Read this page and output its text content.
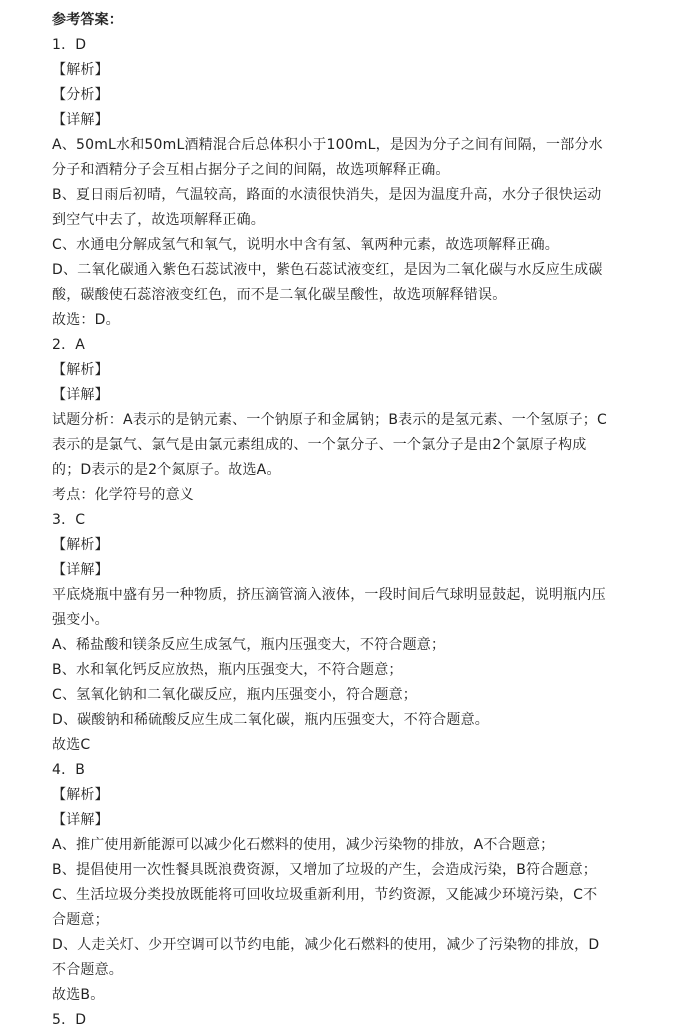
参考答案：
1．D
【解析】
【分析】
【详解】
A、50mL水和50mL酒精混合后总体积小于100mL，是因为分子之间有间隔，一部分水
分子和酒精分子会互相占据分子之间的间隔，故选项解释正确。
B、夏日雨后初晴，气温较高，路面的水渍很快消失，是因为温度升高，水分子很快运动
到空气中去了，故选项解释正确。
C、水通电分解成氢气和氧气，说明水中含有氢、氧两种元素，故选项解释正确。
D、二氧化碳通入紫色石蕊试液中，紫色石蕊试液变红，是因为二氧化碳与水反应生成碳
酸，碳酸使石蕊溶液变红色，而不是二氧化碳呈酸性，故选项解释错误。
故选：D。
2．A
【解析】
【详解】
试题分析：A表示的是钠元素、一个钠原子和金属钠；B表示的是氢元素、一个氢原子；C
表示的是氯气、氯气是由氯元素组成的、一个氯分子、一个氯分子是由2个氯原子构成
的；D表示的是2个氮原子。故选A。
考点：化学符号的意义
3．C
【解析】
【详解】
平底烧瓶中盛有另一种物质，挤压滴管滴入液体，一段时间后气球明显鼓起，说明瓶内压
强变小。
A、稀盐酸和镁条反应生成氢气，瓶内压强变大，不符合题意；
B、水和氧化钙反应放热，瓶内压强变大，不符合题意；
C、氢氧化钠和二氧化碳反应，瓶内压强变小，符合题意；
D、碳酸钠和稀硫酸反应生成二氧化碳，瓶内压强变大，不符合题意。
故选C
4．B
【解析】
【详解】
A、推广使用新能源可以减少化石燃料的使用，减少污染物的排放，A不合题意；
B、提倡使用一次性餐具既浪费资源，又增加了垃圾的产生，会造成污染，B符合题意；
C、生活垃圾分类投放既能将可回收垃圾重新利用，节约资源，又能减少环境污染，C不
合题意；
D、人走关灯、少开空调可以节约电能，减少化石燃料的使用，减少了污染物的排放，D
不合题意。
故选B。
5．D
